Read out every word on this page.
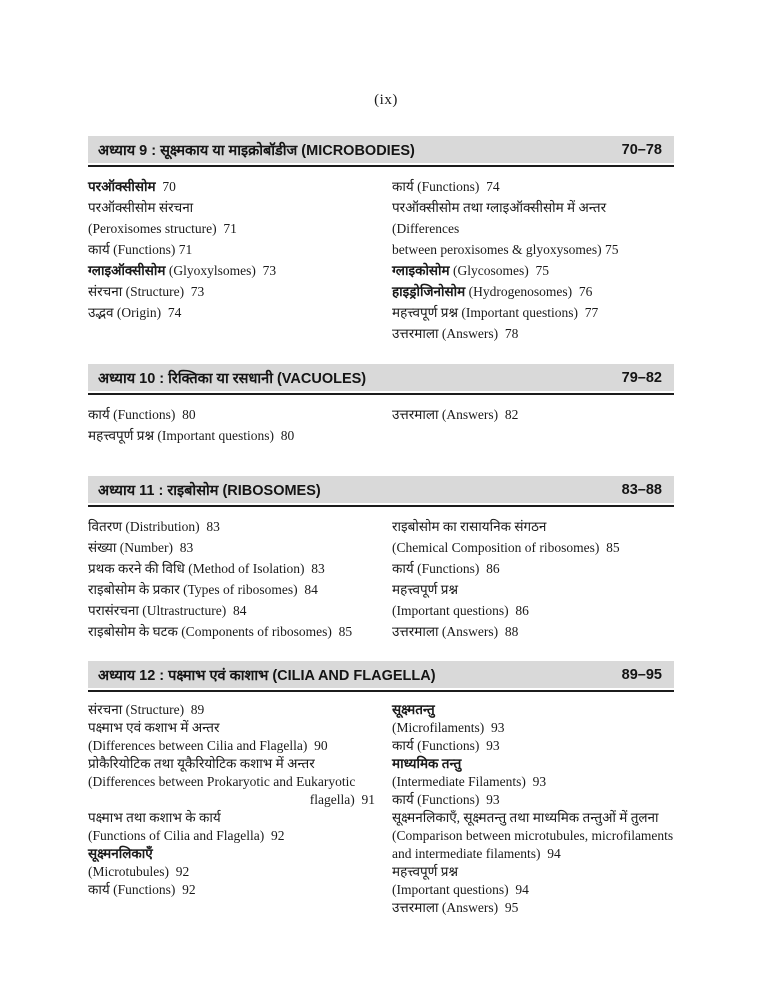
(ix)
अध्याय 9 : सूक्ष्मकाय या माइक्रोबॉडीज (MICROBODIES)	70–78
परऑक्सीसोम  70
परऑक्सीसोम संरचना
(Peroxisomes structure)  71
कार्य (Functions) 71
ग्लाइऑक्सीसोम (Glyoxylsomes)  73
संरचना (Structure)  73
उद्भव (Origin)  74
कार्य (Functions)  74
परऑक्सीसोम तथा ग्लाइऑक्सीसोम में अन्तर (Differences
between peroxisomes & glyoxysomes) 75
ग्लाइकोसोम (Glycosomes)  75
हाइड्रोजिनोसोम (Hydrogenosomes)  76
महत्त्वपूर्ण प्रश्न (Important questions)  77
उत्तरमाला (Answers)  78
अध्याय 10 : रिक्तिका या रसधानी (VACUOLES)	79–82
कार्य (Functions)  80
महत्त्वपूर्ण प्रश्न (Important questions)  80
उत्तरमाला (Answers)  82
अध्याय 11 : राइबोसोम (RIBOSOMES)	83–88
वितरण (Distribution)  83
संख्या (Number)  83
प्रथक करने की विधि (Method of Isolation)  83
राइबोसोम के प्रकार (Types of ribosomes)  84
परासंरचना (Ultrastructure)  84
राइबोसोम के घटक (Components of ribosomes)  85
राइबोसोम का रासायनिक संगठन
(Chemical Composition of ribosomes)  85
कार्य (Functions)  86
महत्त्वपूर्ण प्रश्न
(Important questions)  86
उत्तरमाला (Answers)  88
अध्याय 12 : पक्ष्माभ एवं काशाभ (CILIA AND FLAGELLA)	89–95
संरचना (Structure)  89
पक्ष्माभ एवं कशाभ में अन्तर
(Differences between Cilia and Flagella)  90
प्रोकैरियोटिक तथा यूकैरियोटिक कशाभ में अन्तर
(Differences between Prokaryotic and Eukaryotic
flagella)  91
पक्ष्माभ तथा कशाभ के कार्य
(Functions of Cilia and Flagella)  92
सूक्ष्मनलिकाएँ
(Microtubules)  92
कार्य (Functions)  92
सूक्ष्मतन्तु
(Microfilaments)  93
कार्य (Functions)  93
माध्यमिक तन्तु
(Intermediate Filaments)  93
कार्य (Functions)  93
सूक्ष्मनलिकाएँ, सूक्ष्मतन्तु तथा माध्यमिक तन्तुओं में तुलना
(Comparison between microtubules, microfilaments
and intermediate filaments)  94
महत्त्वपूर्ण प्रश्न
(Important questions)  94
उत्तरमाला (Answers)  95
